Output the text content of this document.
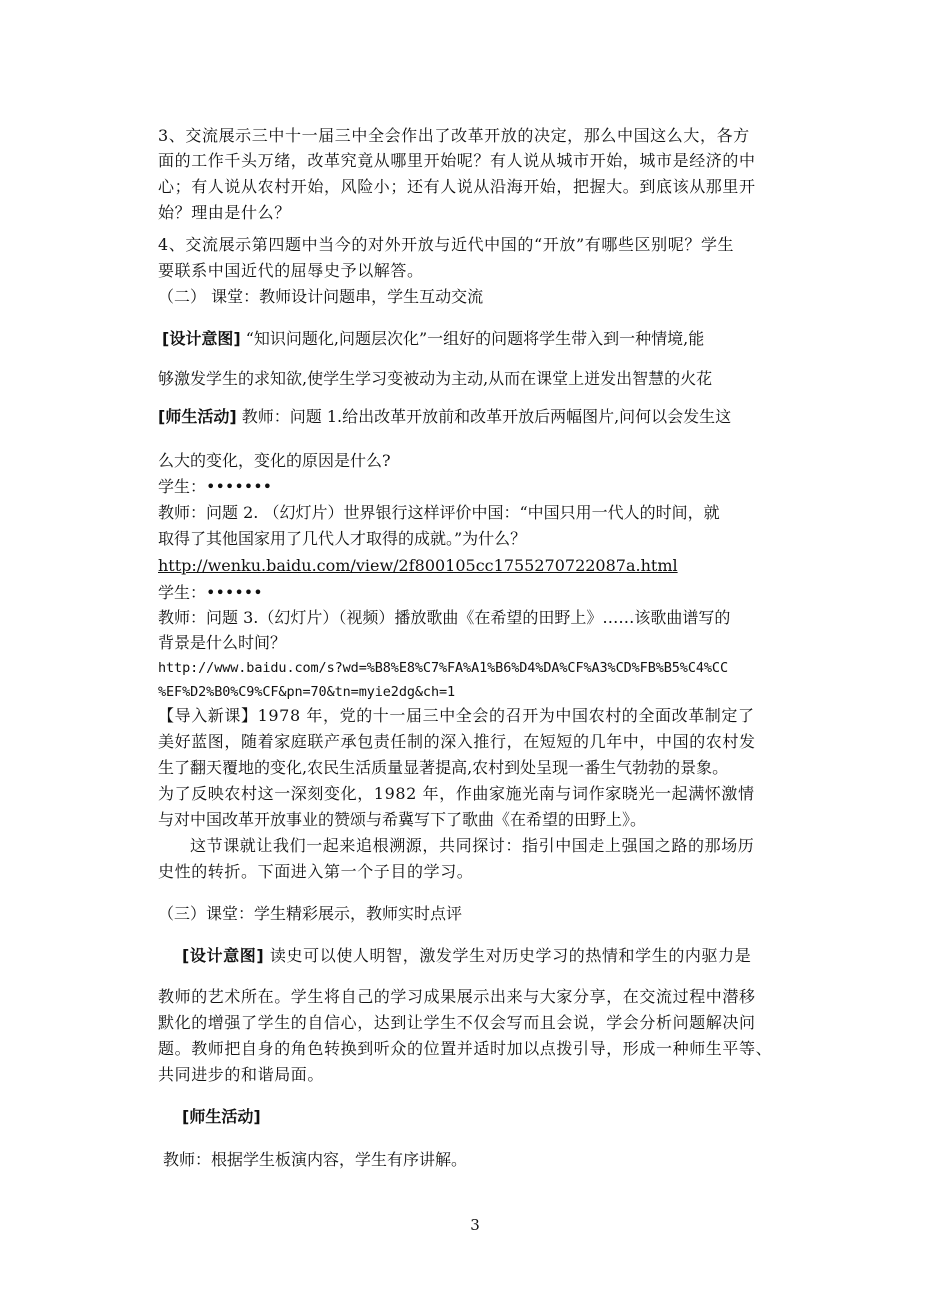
3、交流展示三中十一届三中全会作出了改革开放的决定，那么中国这么大，各方
面的工作千头万绪，改革究竟从哪里开始呢？有人说从城市开始，城市是经济的中
心；有人说从农村开始，风险小；还有人说从沿海开始，把握大。到底该从那里开
始？理由是什么？
4、交流展示第四题中当今的对外开放与近代中国的“开放”有哪些区别呢？学生
要联系中国近代的屈辱史予以解答。
（二） 课堂：教师设计问题串，学生互动交流
[设计意图] “知识问题化,问题层次化”一组好的问题将学生带入到一种情境,能
够激发学生的求知欲,使学生学习变被动为主动,从而在课堂上迸发出智慧的火花
[师生活动] 教师：问题 1.给出改革开放前和改革开放后两幅图片,问何以会发生这
么大的变化，变化的原因是什么?
学生：•••••••
教师：问题 2. （幻灯片）世界银行这样评价中国：“中国只用一代人的时间，就
取得了其他国家用了几代人才取得的成就。”为什么？
http://wenku.baidu.com/view/2f800105cc1755270722087a.html
学生：••••••
教师：问题 3.（幻灯片）（视频）播放歌曲《在希望的田野上》……该歌曲谱写的
背景是什么时间？
http://www.baidu.com/s?wd=%B8%E8%C7%FA%A1%B6%D4%DA%CF%A3%CD%FB%B5%C4%CC
%EF%D2%B0%C9%CF&pn=70&tn=myie2dg&ch=1
【导入新课】1978 年，党的十一届三中全会的召开为中国农村的全面改革制定了
美好蓝图，随着家庭联产承包责任制的深入推行，在短短的几年中，中国的农村发
生了翻天覆地的变化,农民生活质量显著提高,农村到处呈现一番生气勃勃的景象。
为了反映农村这一深刻变化，1982 年，作曲家施光南与词作家晓光一起满怀激情
与对中国改革开放事业的赞颂与希冀写下了歌曲《在希望的田野上》。
这节课就让我们一起来追根溯源，共同探讨：指引中国走上强国之路的那场历
史性的转折。下面进入第一个子目的学习。
（三）课堂：学生精彩展示，教师实时点评
[设计意图] 读史可以使人明智，激发学生对历史学习的热情和学生的内驱力是
教师的艺术所在。学生将自己的学习成果展示出来与大家分享，在交流过程中潜移
默化的增强了学生的自信心，达到让学生不仅会写而且会说，学会分析问题解决问
题。教师把自身的角色转换到听众的位置并适时加以点拨引导，形成一种师生平等、
共同进步的和谐局面。
[师生活动]
教师：根据学生板演内容，学生有序讲解。
3
